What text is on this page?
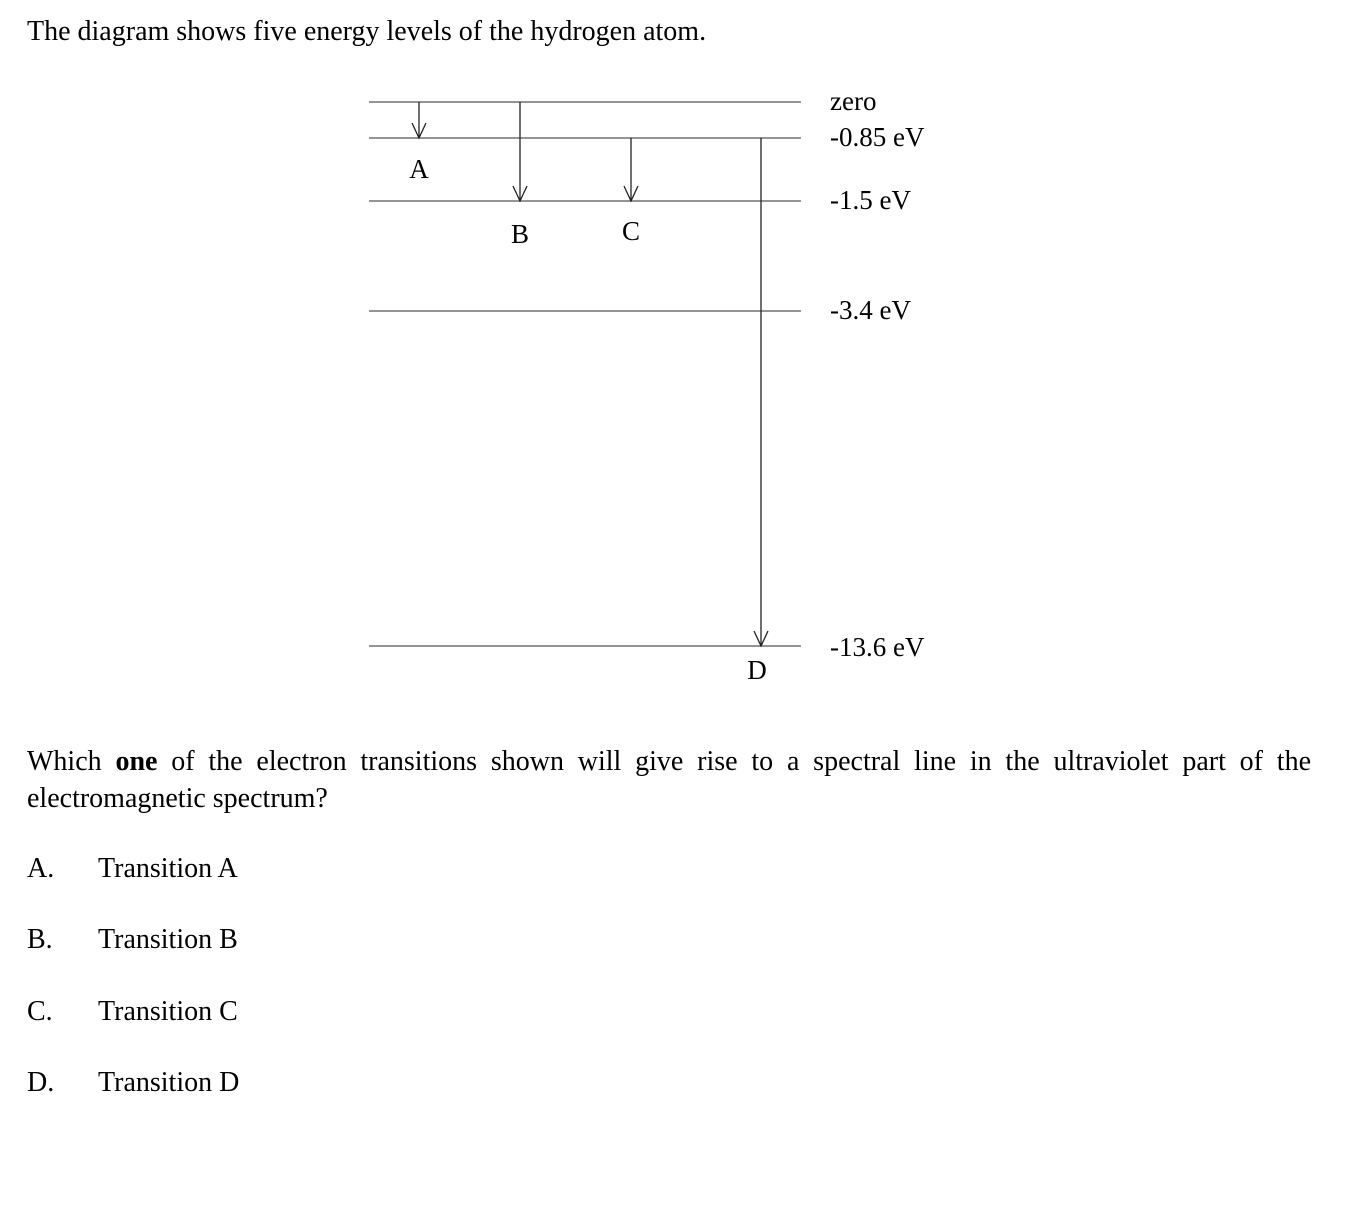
The diagram shows five energy levels of the hydrogen atom.

zero
-0.85 eV
-1.5 eV
-3.4 eV
-13.6 eV
A
B	C
D

Which one of the electron transitions shown will give rise to a spectral line in the ultraviolet part of the electromagnetic spectrum?

A. Transition A
B. Transition B
C. Transition C
D. Transition D
